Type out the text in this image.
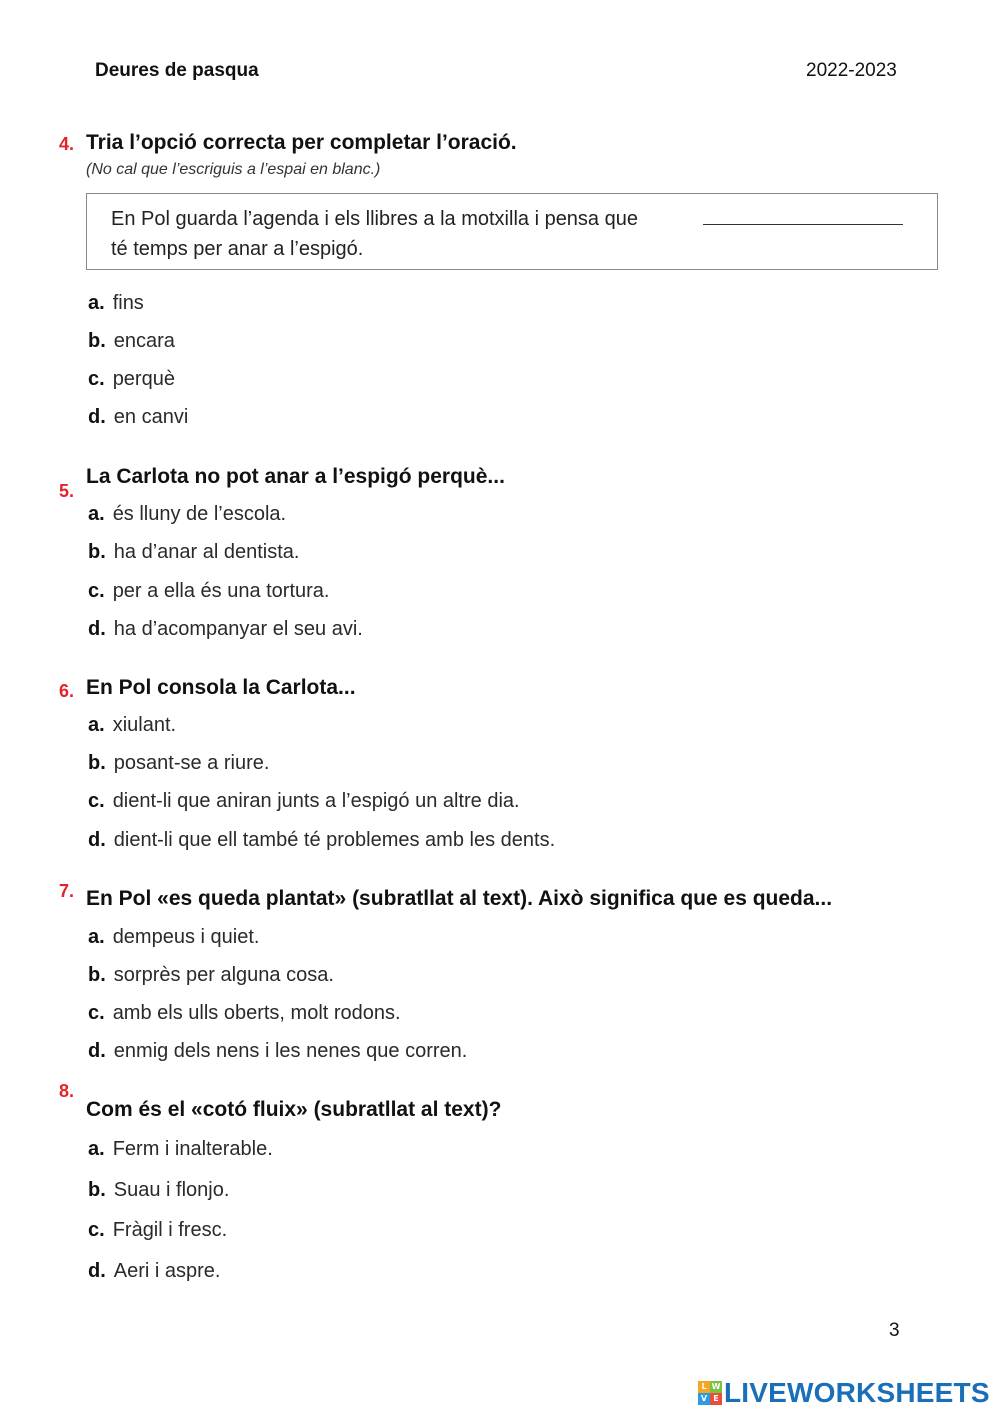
Deures de pasqua	2022-2023
4. Tria l’opció correcta per completar l’oració.
(No cal que l’escriguis a l’espai en blanc.)
En Pol guarda l’agenda i els llibres a la motxilla i pensa que
té temps per anar a l’espigó.
a. fins
b. encara
c. perquè
d. en canvi
5.
La Carlota no pot anar a l’espigó perquè...
a. és lluny de l’escola.
b. ha d’anar al dentista.
c. per a ella és una tortura.
d. ha d’acompanyar el seu avi.
6. En Pol consola la Carlota...
a. xiulant.
b. posant-se a riure.
c. dient-li que aniran junts a l’espigó un altre dia.
d. dient-li que ell també té problemes amb les dents.
7. En Pol «es queda plantat» (subratllat al text). Això significa que es queda...
a. dempeus i quiet.
b. sorprès per alguna cosa.
c. amb els ulls oberts, molt rodons.
d. enmig dels nens i les nenes que corren.
8.
Com és el «cotó fluix» (subratllat al text)?
a. Ferm i inalterable.
b. Suau i flonjo.
c. Fràgil i fresc.
d. Aeri i aspre.
3
L W
V E LIVEWORKSHEETS
